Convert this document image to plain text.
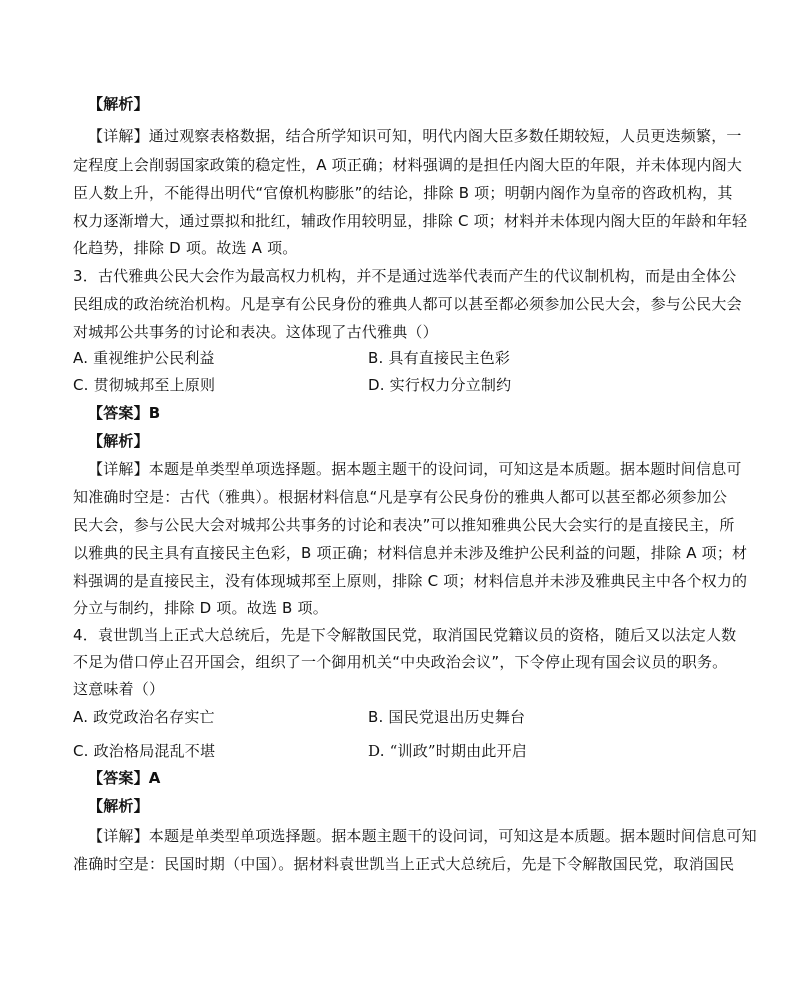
【解析】
【详解】通过观察表格数据，结合所学知识可知，明代内阁大臣多数任期较短，人员更迭频繁，一
定程度上会削弱国家政策的稳定性，A 项正确；材料强调的是担任内阁大臣的年限，并未体现内阁大
臣人数上升，不能得出明代“官僚机构膨胀”的结论，排除 B 项；明朝内阁作为皇帝的咨政机构，其
权力逐渐增大，通过票拟和批红，辅政作用较明显，排除 C 项；材料并未体现内阁大臣的年龄和年轻
化趋势，排除 D 项。故选 A 项。
3．古代雅典公民大会作为最高权力机构，并不是通过选举代表而产生的代议制机构，而是由全体公
民组成的政治统治机构。凡是享有公民身份的雅典人都可以甚至都必须参加公民大会，参与公民大会
对城邦公共事务的讨论和表决。这体现了古代雅典（）
A. 重视维护公民利益	B. 具有直接民主色彩
C. 贯彻城邦至上原则	D. 实行权力分立制约
【答案】B
【解析】
【详解】本题是单类型单项选择题。据本题主题干的设问词，可知这是本质题。据本题时间信息可
知准确时空是：古代（雅典）。根据材料信息“凡是享有公民身份的雅典人都可以甚至都必须参加公
民大会，参与公民大会对城邦公共事务的讨论和表决”可以推知雅典公民大会实行的是直接民主，所
以雅典的民主具有直接民主色彩，B 项正确；材料信息并未涉及维护公民利益的问题，排除 A 项；材
料强调的是直接民主，没有体现城邦至上原则，排除 C 项；材料信息并未涉及雅典民主中各个权力的
分立与制约，排除 D 项。故选 B 项。
4．袁世凯当上正式大总统后，先是下令解散国民党，取消国民党籍议员的资格，随后又以法定人数
不足为借口停止召开国会，组织了一个御用机关“中央政治会议”，下令停止现有国会议员的职务。
这意味着（）
A. 政党政治名存实亡	B. 国民党退出历史舞台
C. 政治格局混乱不堪	D. “训政”时期由此开启
【答案】A
【解析】
【详解】本题是单类型单项选择题。据本题主题干的设问词，可知这是本质题。据本题时间信息可知
准确时空是：民国时期（中国）。据材料袁世凯当上正式大总统后，先是下令解散国民党，取消国民
